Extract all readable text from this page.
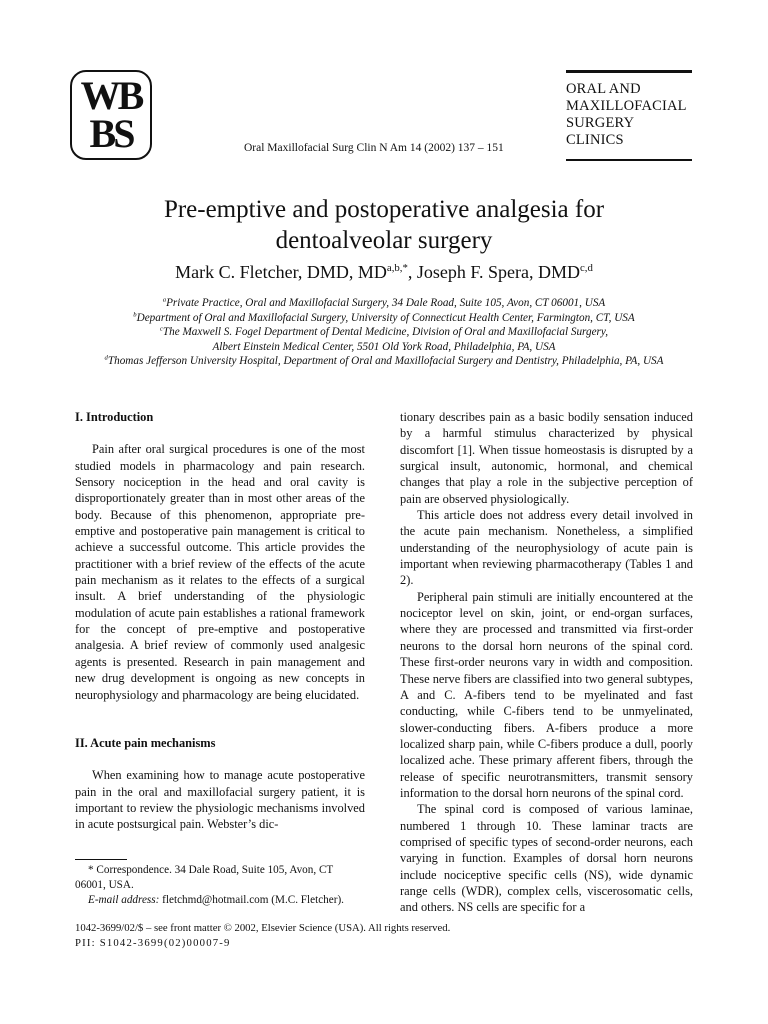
WB
BS
ORAL AND
MAXILLOFACIAL
SURGERY
CLINICS
Oral Maxillofacial Surg Clin N Am 14 (2002) 137 – 151
Pre-emptive and postoperative analgesia for
dentoalveolar surgery
Mark C. Fletcher, DMD, $MD^{a,b,*}$, Joseph F. Spera, DMD$^{c,d}$
$^a$Private Practice, Oral and Maxillofacial Surgery, 34 Dale Road, Suite 105, Avon, CT 06001, USA
$^b$Department of Oral and Maxillofacial Surgery, University of Connecticut Health Center, Farmington, CT, USA
$^c$The Maxwell S. Fogel Department of Dental Medicine, Division of Oral and Maxillofacial Surgery,
Albert Einstein Medical Center, 5501 Old York Road, Philadelphia, PA, USA
$^d$Thomas Jefferson University Hospital, Department of Oral and Maxillofacial Surgery and Dentistry, Philadelphia, PA, USA

I. Introduction

Pain after oral surgical procedures is one of the most studied models in pharmacology and pain research. Sensory nociception in the head and oral cavity is disproportionately greater than in most other areas of the body. Because of this phenomenon, appropriate pre-emptive and postoperative pain management is critical to achieve a successful outcome. This article provides the practitioner with a brief review of the effects of the acute pain mechanism as it relates to the effects of a surgical insult. A brief understanding of the physiologic modulation of acute pain establishes a rational framework for the concept of pre-emptive and postoperative analgesia. A brief review of commonly used analgesic agents is presented. Research in pain management and new drug development is ongoing as new concepts in neurophysiology and pharmacology are being elucidated.

II. Acute pain mechanisms

When examining how to manage acute postoperative pain in the oral and maxillofacial surgery patient, it is important to review the physiologic mechanisms involved in acute postsurgical pain. Webster’s dic-

tionary describes pain as a basic bodily sensation induced by a harmful stimulus characterized by physical discomfort [1]. When tissue homeostasis is disrupted by a surgical insult, autonomic, hormonal, and chemical changes that play a role in the subjective perception of pain are observed physiologically.

This article does not address every detail involved in the acute pain mechanism. Nonetheless, a simplified understanding of the neurophysiology of acute pain is important when reviewing pharmacotherapy (Tables 1 and 2).

Peripheral pain stimuli are initially encountered at the nociceptor level on skin, joint, or end-organ surfaces, where they are processed and transmitted via first-order neurons to the dorsal horn neurons of the spinal cord. These first-order neurons vary in width and composition. These nerve fibers are classified into two general subtypes, A and C. A-fibers tend to be myelinated and fast conducting, while C-fibers tend to be unmyelinated, slower-conducting fibers. A-fibers produce a more localized sharp pain, while C-fibers produce a dull, poorly localized ache. These primary afferent fibers, through the release of specific neurotransmitters, transmit sensory information to the dorsal horn neurons of the spinal cord.

The spinal cord is composed of various laminae, numbered 1 through 10. These laminar tracts are comprised of specific types of second-order neurons, each varying in function. Examples of dorsal horn neurons include nociceptive specific cells (NS), wide dynamic range cells (WDR), complex cells, viscerosomatic cells, and others. NS cells are specific for a

* Correspondence. 34 Dale Road, Suite 105, Avon, CT 06001, USA.

E-mail address: fletchmd@hotmail.com (M.C. Fletcher).

1042-3699/02/$ – see front matter © 2002, Elsevier Science (USA). All rights reserved.
PII: S1042-3699(02)00007-9
